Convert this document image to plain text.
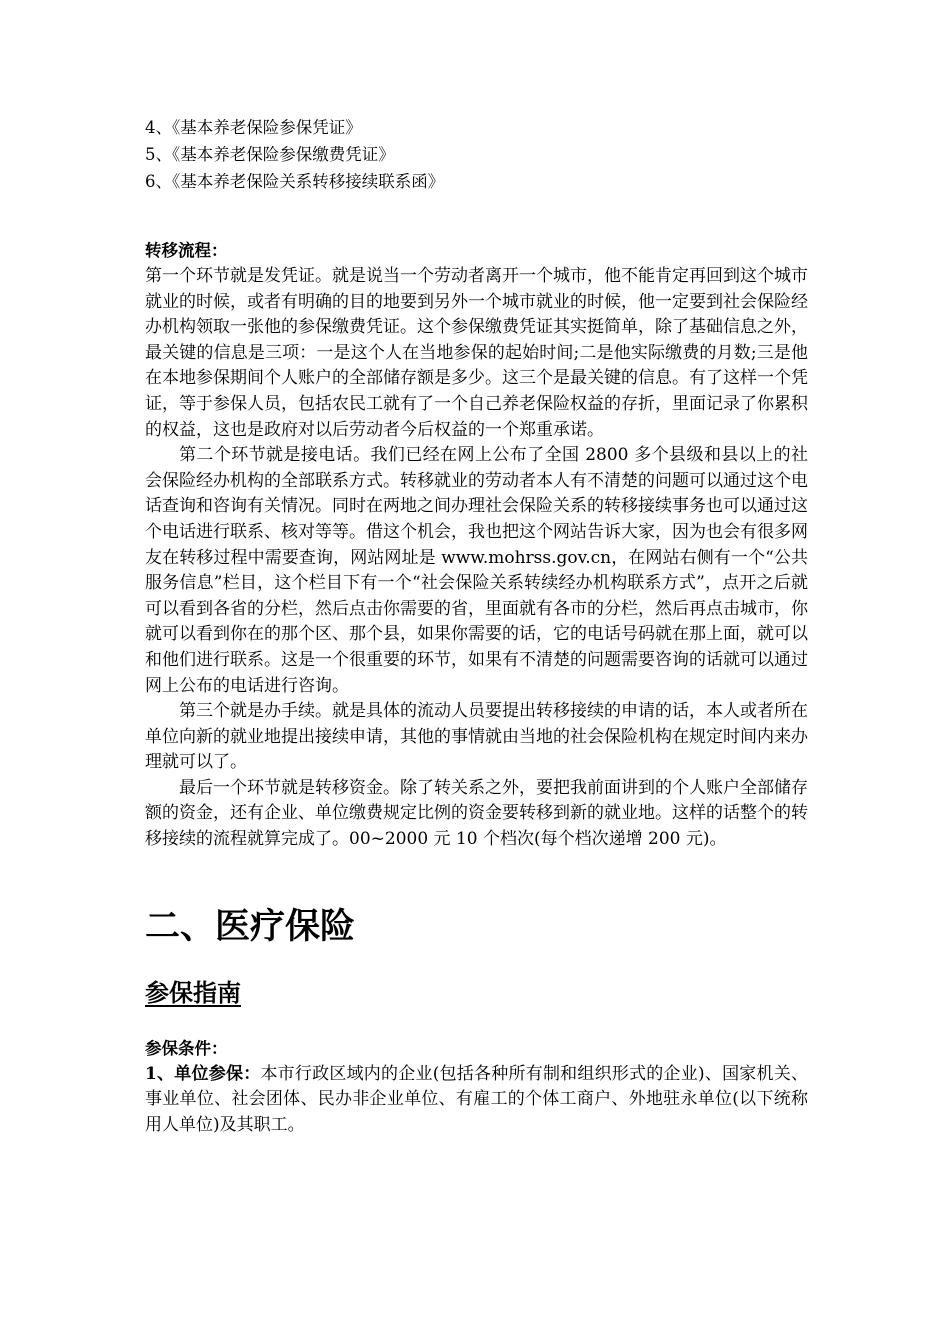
4、《基本养老保险参保凭证》

5、《基本养老保险参保缴费凭证》

6、《基本养老保险关系转移接续联系函》

转移流程：

第一个环节就是发凭证。就是说当一个劳动者离开一个城市，他不能肯定再回到这个城市就业的时候，或者有明确的目的地要到另外一个城市就业的时候，他一定要到社会保险经办机构领取一张他的参保缴费凭证。这个参保缴费凭证其实挺简单，除了基础信息之外，最关键的信息是三项：一是这个人在当地参保的起始时间;二是他实际缴费的月数;三是他在本地参保期间个人账户的全部储存额是多少。这三个是最关键的信息。有了这样一个凭证，等于参保人员，包括农民工就有了一个自己养老保险权益的存折，里面记录了你累积的权益，这也是政府对以后劳动者今后权益的一个郑重承诺。

第二个环节就是接电话。我们已经在网上公布了全国 2800 多个县级和县以上的社会保险经办机构的全部联系方式。转移就业的劳动者本人有不清楚的问题可以通过这个电话查询和咨询有关情况。同时在两地之间办理社会保险关系的转移接续事务也可以通过这个电话进行联系、核对等等。借这个机会，我也把这个网站告诉大家，因为也会有很多网友在转移过程中需要查询，网站网址是 www.mohrss.gov.cn，在网站右侧有一个“公共服务信息”栏目，这个栏目下有一个“社会保险关系转续经办机构联系方式”，点开之后就可以看到各省的分栏，然后点击你需要的省，里面就有各市的分栏，然后再点击城市，你就可以看到你在的那个区、那个县，如果你需要的话，它的电话号码就在那上面，就可以和他们进行联系。这是一个很重要的环节，如果有不清楚的问题需要咨询的话就可以通过网上公布的电话进行咨询。

第三个就是办手续。就是具体的流动人员要提出转移接续的申请的话，本人或者所在单位向新的就业地提出接续申请，其他的事情就由当地的社会保险机构在规定时间内来办理就可以了。

最后一个环节就是转移资金。除了转关系之外，要把我前面讲到的个人账户全部储存额的资金，还有企业、单位缴费规定比例的资金要转移到新的就业地。这样的话整个的转移接续的流程就算完成了。00~2000 元 10 个档次(每个档次递增 200 元)。

二、医疗保险
参保指南

参保条件：

1、单位参保：本市行政区域内的企业(包括各种所有制和组织形式的企业)、国家机关、事业单位、社会团体、民办非企业单位、有雇工的个体工商户、外地驻永单位(以下统称用人单位)及其职工。
